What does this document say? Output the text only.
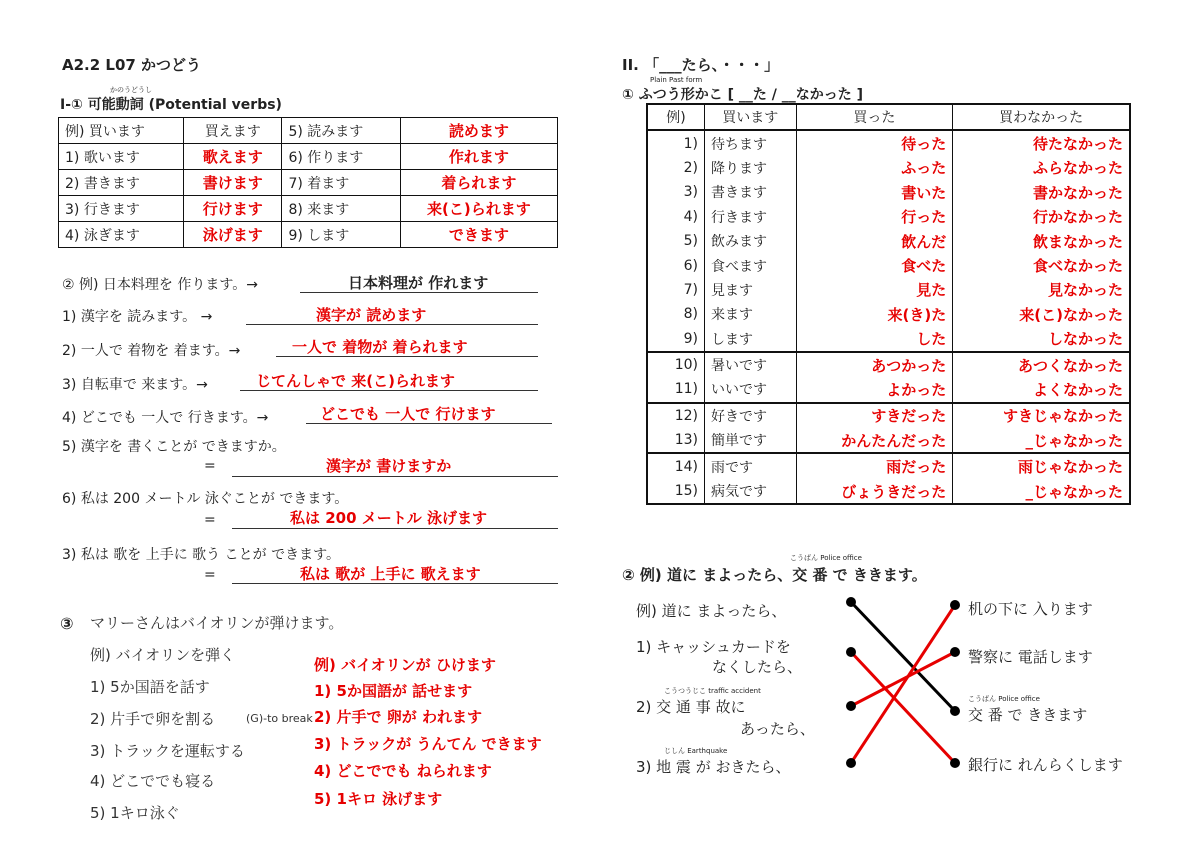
A2.2 L07 かつどう
かのうどうし
I-① 可能動詞 (Potential verbs)
例) 買います	買えます	5) 読みます	読めます
1) 歌います	歌えます	6) 作ります	作れます
2) 書きます	書けます	7) 着ます	着られます
3) 行きます	行けます	8) 来ます	来(こ)られます
4) 泳ぎます	泳げます	9) します	できます
② 例) 日本料理を 作ります。→	日本料理が 作れます
1) 漢字を 読みます。 →	漢字が 読めます
2) 一人で 着物を 着ます。→	一人で 着物が 着られます
3) 自転車で 来ます。→	じてんしゃで 来(こ)られます
4) どこでも 一人で 行きます。→	どこでも 一人で 行けます
5) 漢字を 書くことが できますか。
=	漢字が 書けますか
6) 私は 200 メートル 泳ぐことが できます。
=	私は 200 メートル 泳げます
3) 私は 歌を 上手に 歌う ことが できます。
=	私は 歌が 上手に 歌えます
③ マリーさんはバイオリンが弾けます。
例) バイオリンを弾く
1) 5か国語を話す
2) 片手で卵を割る	(G)-to break
3) トラックを運転する
4) どこででも寝る
5) 1キロ泳ぐ
例) バイオリンが ひけます
1) 5か国語が 話せます
2) 片手で 卵が われます
3) トラックが うんてん できます
4) どこででも ねられます
5) 1キロ 泳げます
II. 「___たら、・・・」
Plain Past form
① ふつう形かこ [ __た / __なかった ]
例)	買います	買った	買わなかった
1)	待ちます	待った	待たなかった
2)	降ります	ふった	ふらなかった
3)	書きます	書いた	書かなかった
4)	行きます	行った	行かなかった
5)	飲みます	飲んだ	飲まなかった
6)	食べます	食べた	食べなかった
7)	見ます	見た	見なかった
8)	来ます	来(き)た	来(こ)なかった
9)	します	した	しなかった
10)	暑いです	あつかった	あつくなかった
11)	いいです	よかった	よくなかった
12)	好きです	すきだった	すきじゃなかった
13)	簡単です	かんたんだった	_じゃなかった
14)	雨です	雨だった	雨じゃなかった
15)	病気です	びょうきだった	_じゃなかった
こうばん Police office
② 例) 道に まよったら、交 番 で ききます。
例) 道に まよったら、
1) キャッシュカードを
なくしたら、
こうつうじこ traffic accident
2) 交 通 事 故に
あったら、
じしん Earthquake
3) 地 震 が おきたら、
机の下に 入ります
警察に 電話します
こうばん Police office
交 番 で ききます
銀行に れんらくします
